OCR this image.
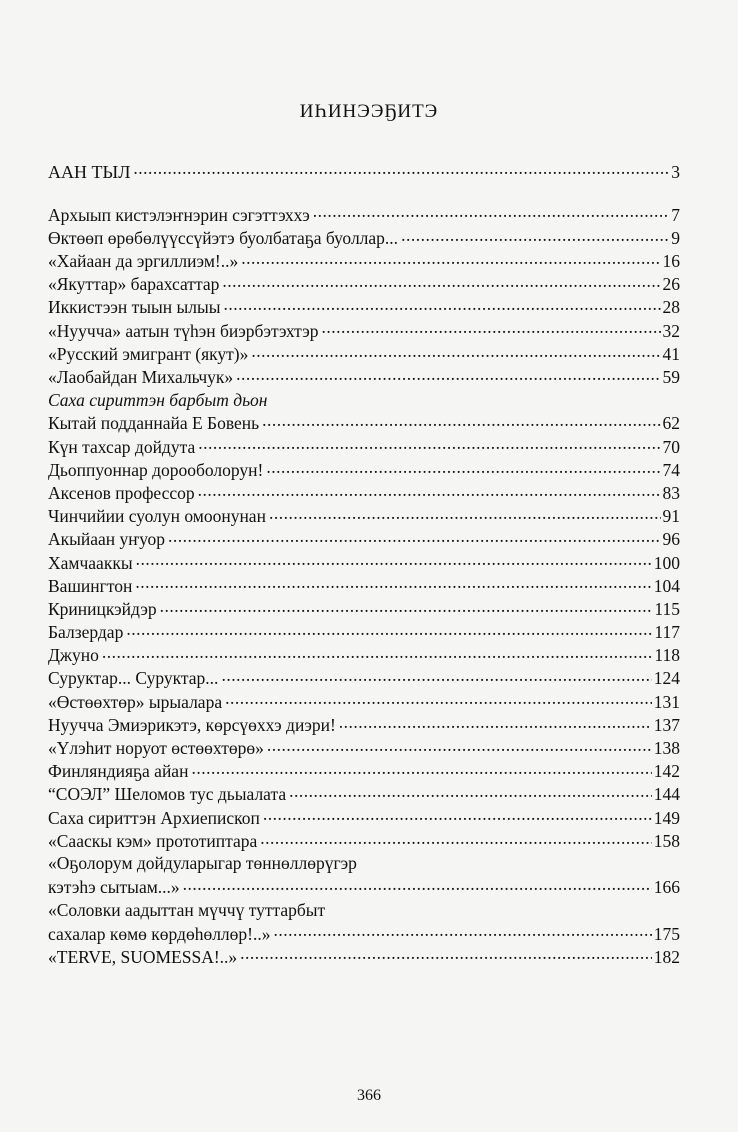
ИҺИНЭЭҔИТЭ
ААН ТЫЛ .....	3
Архыып кистэлэҥнэрин сэгэттэххэ .....	7
Өктөөп өрөбөлүүссүйэтэ буолбатаҕа буоллар... .....	9
«Хайаан да эргиллиэм!..» .....	16
«Якуттар» барахсаттар .....	26
Иккистээн тыын ылыы .....	28
«Нуучча» аатын түһэн биэрбэтэхтэр .....	32
«Русский эмигрант (якут)» .....	41
«Лаобайдан Михальчук» .....	59
Саха сириттэн барбыт дьон
Кытай подданнайа Е Бовень .....	62
Күн тахсар дойдута .....	70
Дьоппуоннар дорооболорун! .....	74
Аксенов профессор .....	83
Чинчийии суолун омоонунан .....	91
Акыйаан уҥуор .....	96
Хамчааккы .....	100
Вашингтон .....	104
Криницкэйдэр .....	115
Балзердар .....	117
Джуно .....	118
Суруктар... Суруктар... .....	124
«Өстөөхтөр» ырыалара .....	131
Нуучча Эмиэрикэтэ, көрсүөххэ диэри! .....	137
«Үлэһит норуот өстөөхтөрө» .....	138
Финляндияҕа айан .....	142
“СОЭЛ” Шеломов тус дьыалата .....	144
Саха сириттэн Архиепископ .....	149
«Сааскы кэм» прототиптара .....	158
«Оҕолорум дойдуларыгар төннөллөрүгэр
кэтэһэ сытыам...» .....	166
«Соловки аадыттан мүччү туттарбыт
сахалар көмө көрдөһөллөр!..» .....	175
«TERVE, SUOMESSA!..» .....	182
366
